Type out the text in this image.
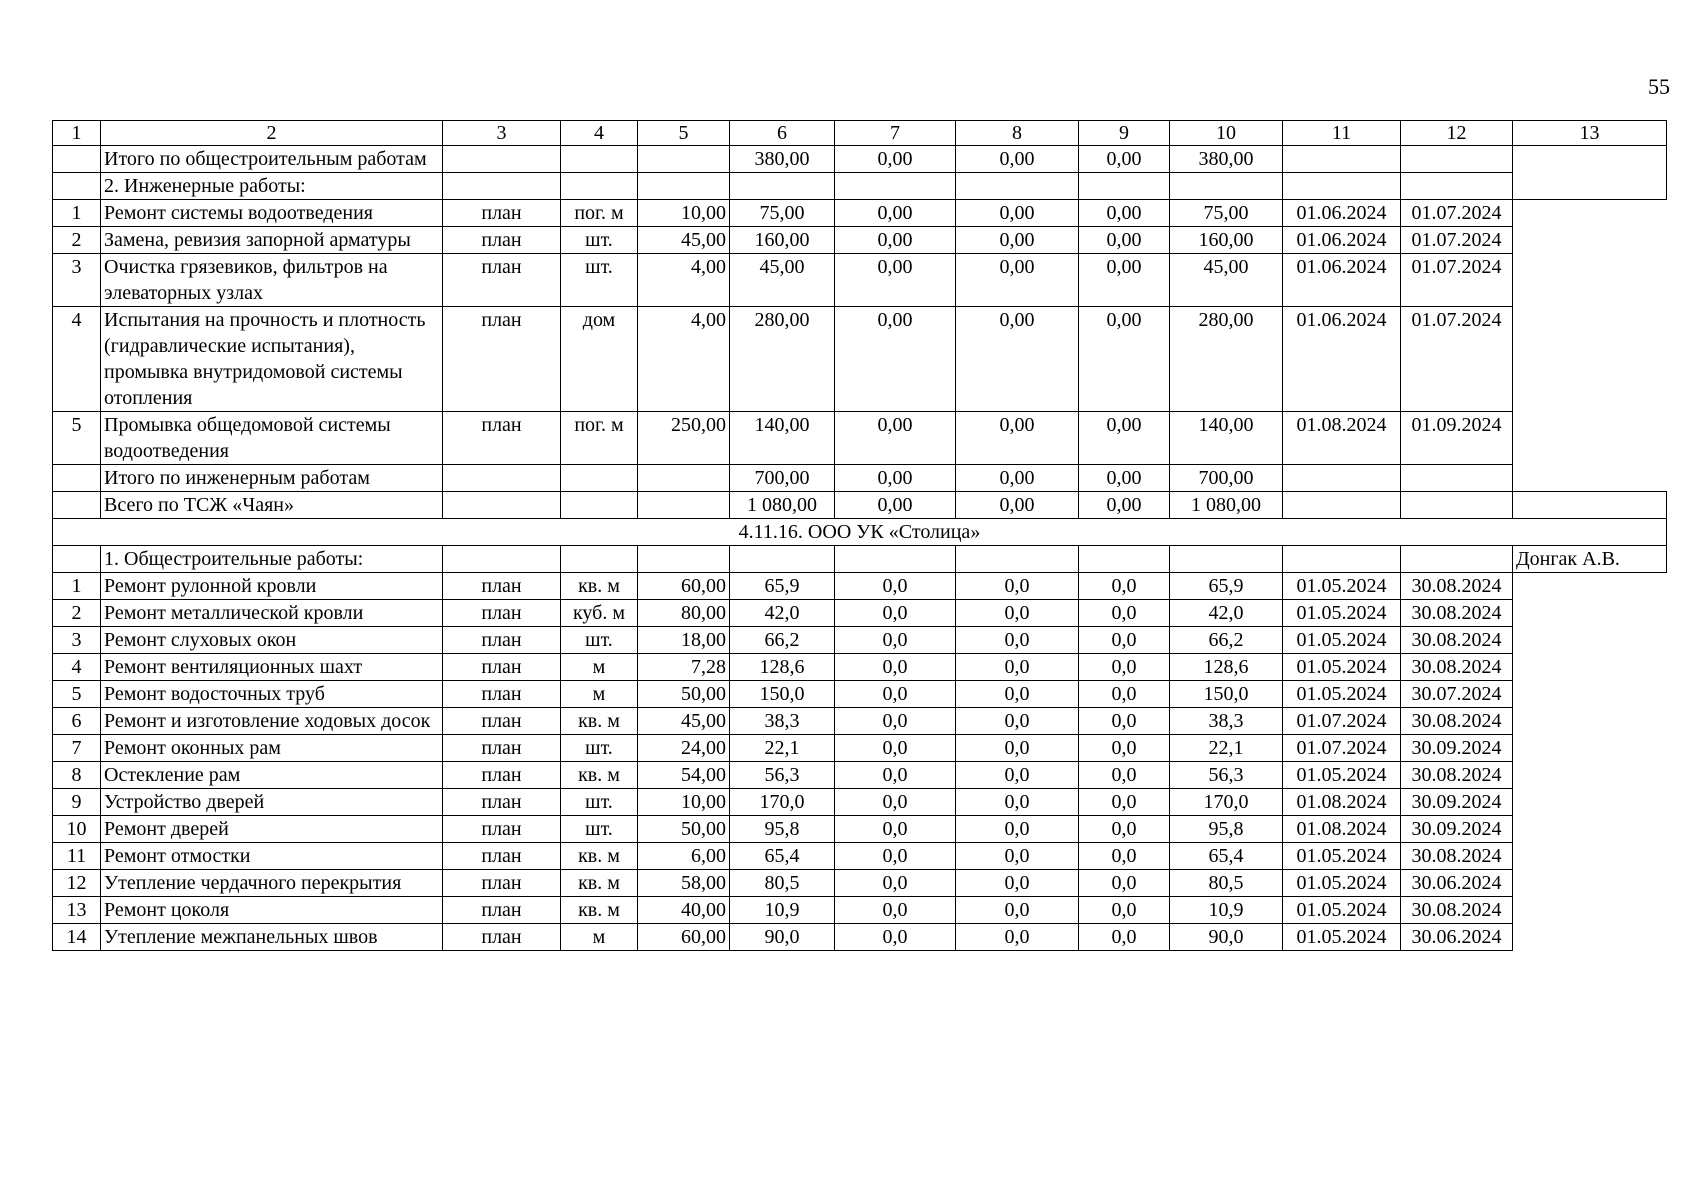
55
1	2	3	4	5	6	7	8	9	10	11	12	13
	Итого по общестроительным работам				380,00	0,00	0,00	0,00	380,00			
	2. Инженерные работы:											
1	Ремонт системы водоотведения	план	пог. м	10,00	75,00	0,00	0,00	0,00	75,00	01.06.2024	01.07.2024	
2	Замена, ревизия запорной арматуры	план	шт.	45,00	160,00	0,00	0,00	0,00	160,00	01.06.2024	01.07.2024	
3	Очистка грязевиков, фильтров на элеваторных узлах	план	шт.	4,00	45,00	0,00	0,00	0,00	45,00	01.06.2024	01.07.2024	
4	Испытания на прочность и плотность (гидравлические испытания), промывка внутридомовой системы отопления	план	дом	4,00	280,00	0,00	0,00	0,00	280,00	01.06.2024	01.07.2024	
5	Промывка общедомовой системы водоотведения	план	пог. м	250,00	140,00	0,00	0,00	0,00	140,00	01.08.2024	01.09.2024	
	Итого по инженерным работам				700,00	0,00	0,00	0,00	700,00			
	Всего по ТСЖ «Чаян»				1 080,00	0,00	0,00	0,00	1 080,00			
4.11.16. ООО УК «Столица»												
	1. Общестроительные работы:											Донгак А.В.
1	Ремонт рулонной кровли	план	кв. м	60,00	65,9	0,0	0,0	0,0	65,9	01.05.2024	30.08.2024	
2	Ремонт металлической кровли	план	куб. м	80,00	42,0	0,0	0,0	0,0	42,0	01.05.2024	30.08.2024	
3	Ремонт слуховых окон	план	шт.	18,00	66,2	0,0	0,0	0,0	66,2	01.05.2024	30.08.2024	
4	Ремонт вентиляционных шахт	план	м	7,28	128,6	0,0	0,0	0,0	128,6	01.05.2024	30.08.2024	
5	Ремонт водосточных труб	план	м	50,00	150,0	0,0	0,0	0,0	150,0	01.05.2024	30.07.2024	
6	Ремонт и изготовление ходовых досок	план	кв. м	45,00	38,3	0,0	0,0	0,0	38,3	01.07.2024	30.08.2024	
7	Ремонт оконных рам	план	шт.	24,00	22,1	0,0	0,0	0,0	22,1	01.07.2024	30.09.2024	
8	Остекление рам	план	кв. м	54,00	56,3	0,0	0,0	0,0	56,3	01.05.2024	30.08.2024	
9	Устройство дверей	план	шт.	10,00	170,0	0,0	0,0	0,0	170,0	01.08.2024	30.09.2024	
10	Ремонт дверей	план	шт.	50,00	95,8	0,0	0,0	0,0	95,8	01.08.2024	30.09.2024	
11	Ремонт отмостки	план	кв. м	6,00	65,4	0,0	0,0	0,0	65,4	01.05.2024	30.08.2024	
12	Утепление чердачного перекрытия	план	кв. м	58,00	80,5	0,0	0,0	0,0	80,5	01.05.2024	30.06.2024	
13	Ремонт цоколя	план	кв. м	40,00	10,9	0,0	0,0	0,0	10,9	01.05.2024	30.08.2024	
14	Утепление межпанельных швов	план	м	60,00	90,0	0,0	0,0	0,0	90,0	01.05.2024	30.06.2024	
